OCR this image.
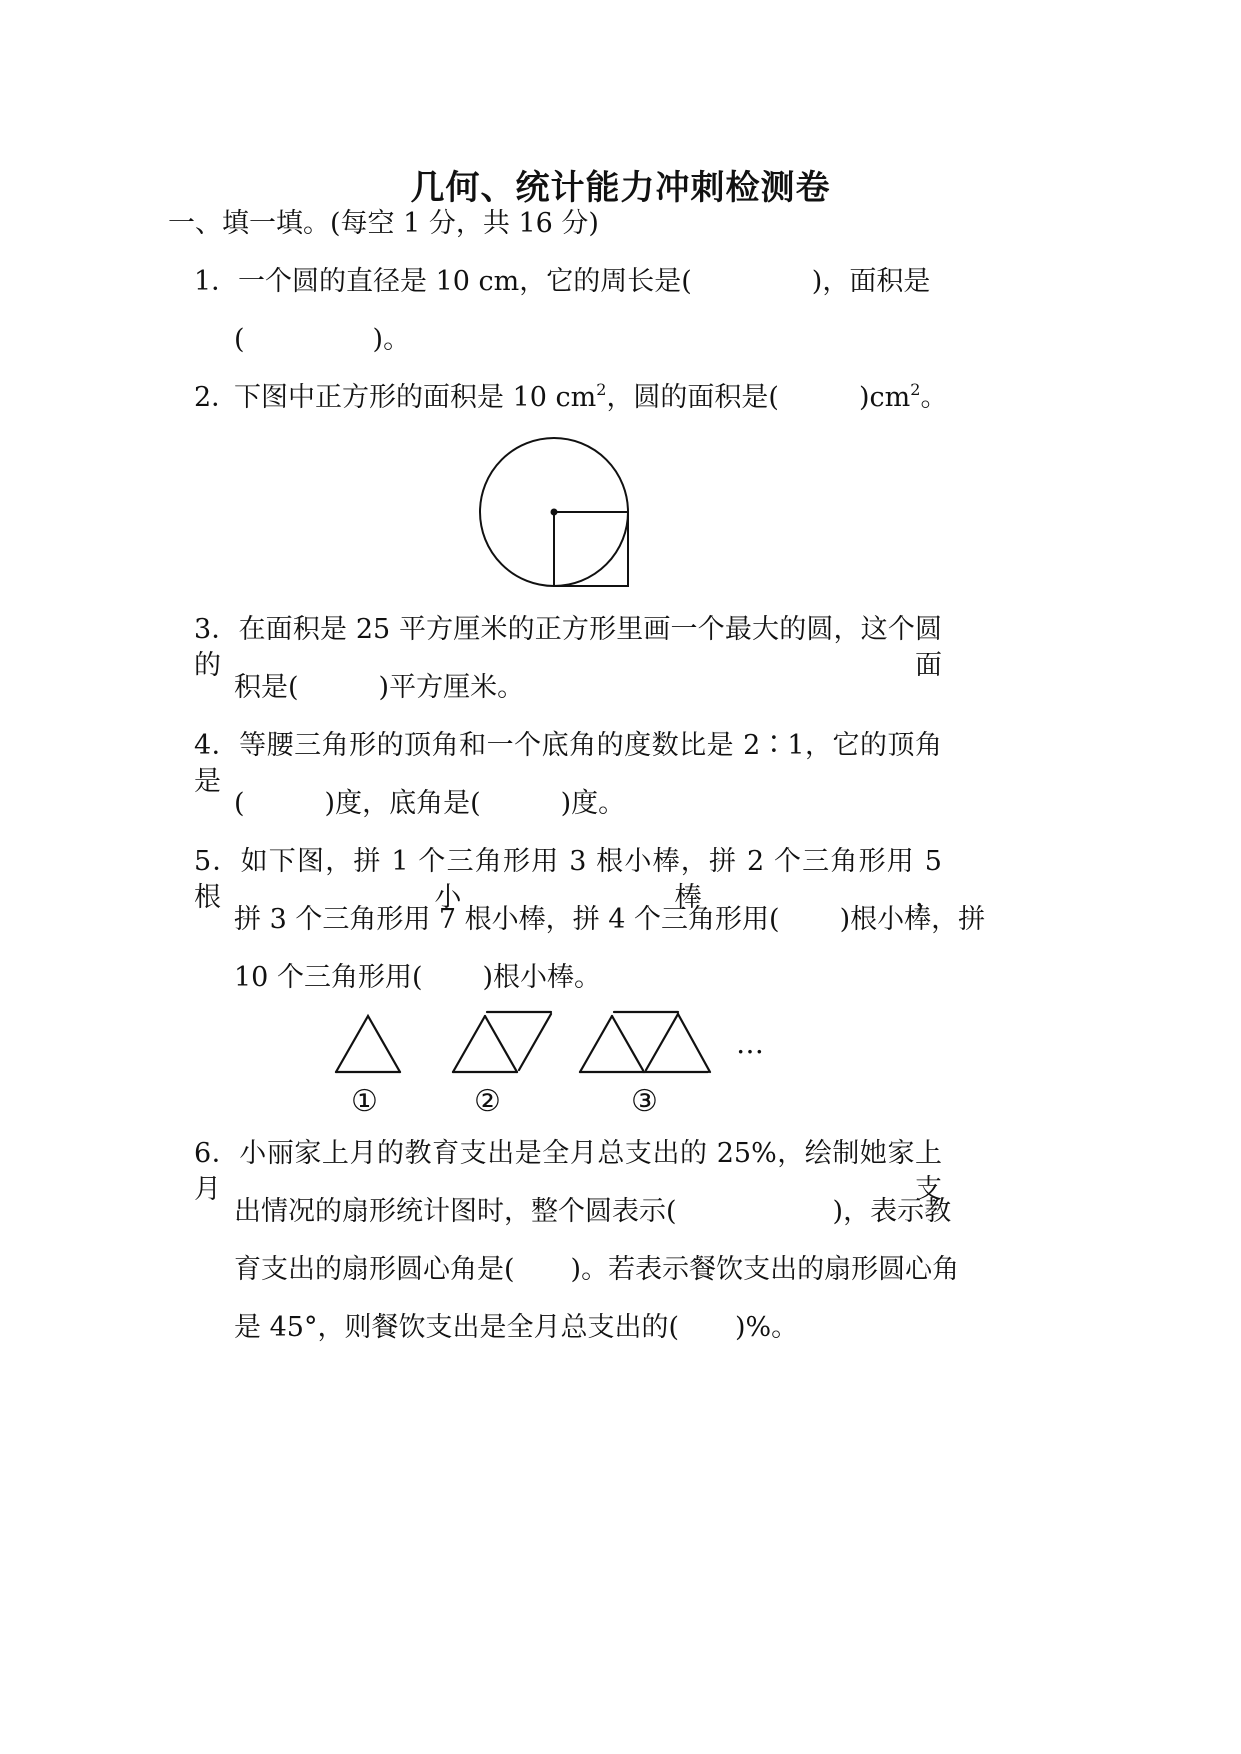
几何、统计能力冲刺检测卷
一、填一填。(每空 1 分，共 16 分)
1．一个圆的直径是 10 cm，它的周长是(	)，面积是
(	)。
2．下图中正方形的面积是 10 $cm^2$，圆的面积是(	)$cm^2$。
3．在面积是 25 平方厘米的正方形里画一个最大的圆，这个圆的面
积是(	)平方厘米。
4．等腰三角形的顶角和一个底角的度数比是 2∶1，它的顶角是
(	)度，底角是(	)度。
5．如下图，拼 1 个三角形用 3 根小棒，拼 2 个三角形用 5 根小棒，
拼 3 个三角形用 7 根小棒，拼 4 个三角形用( )根小棒，拼
10 个三角形用( )根小棒。
…
①	②	③
6．小丽家上月的教育支出是全月总支出的 25%，绘制她家上月支
出情况的扇形统计图时，整个圆表示(	)，表示教
育支出的扇形圆心角是( )。若表示餐饮支出的扇形圆心角
是 45°，则餐饮支出是全月总支出的( )%。
